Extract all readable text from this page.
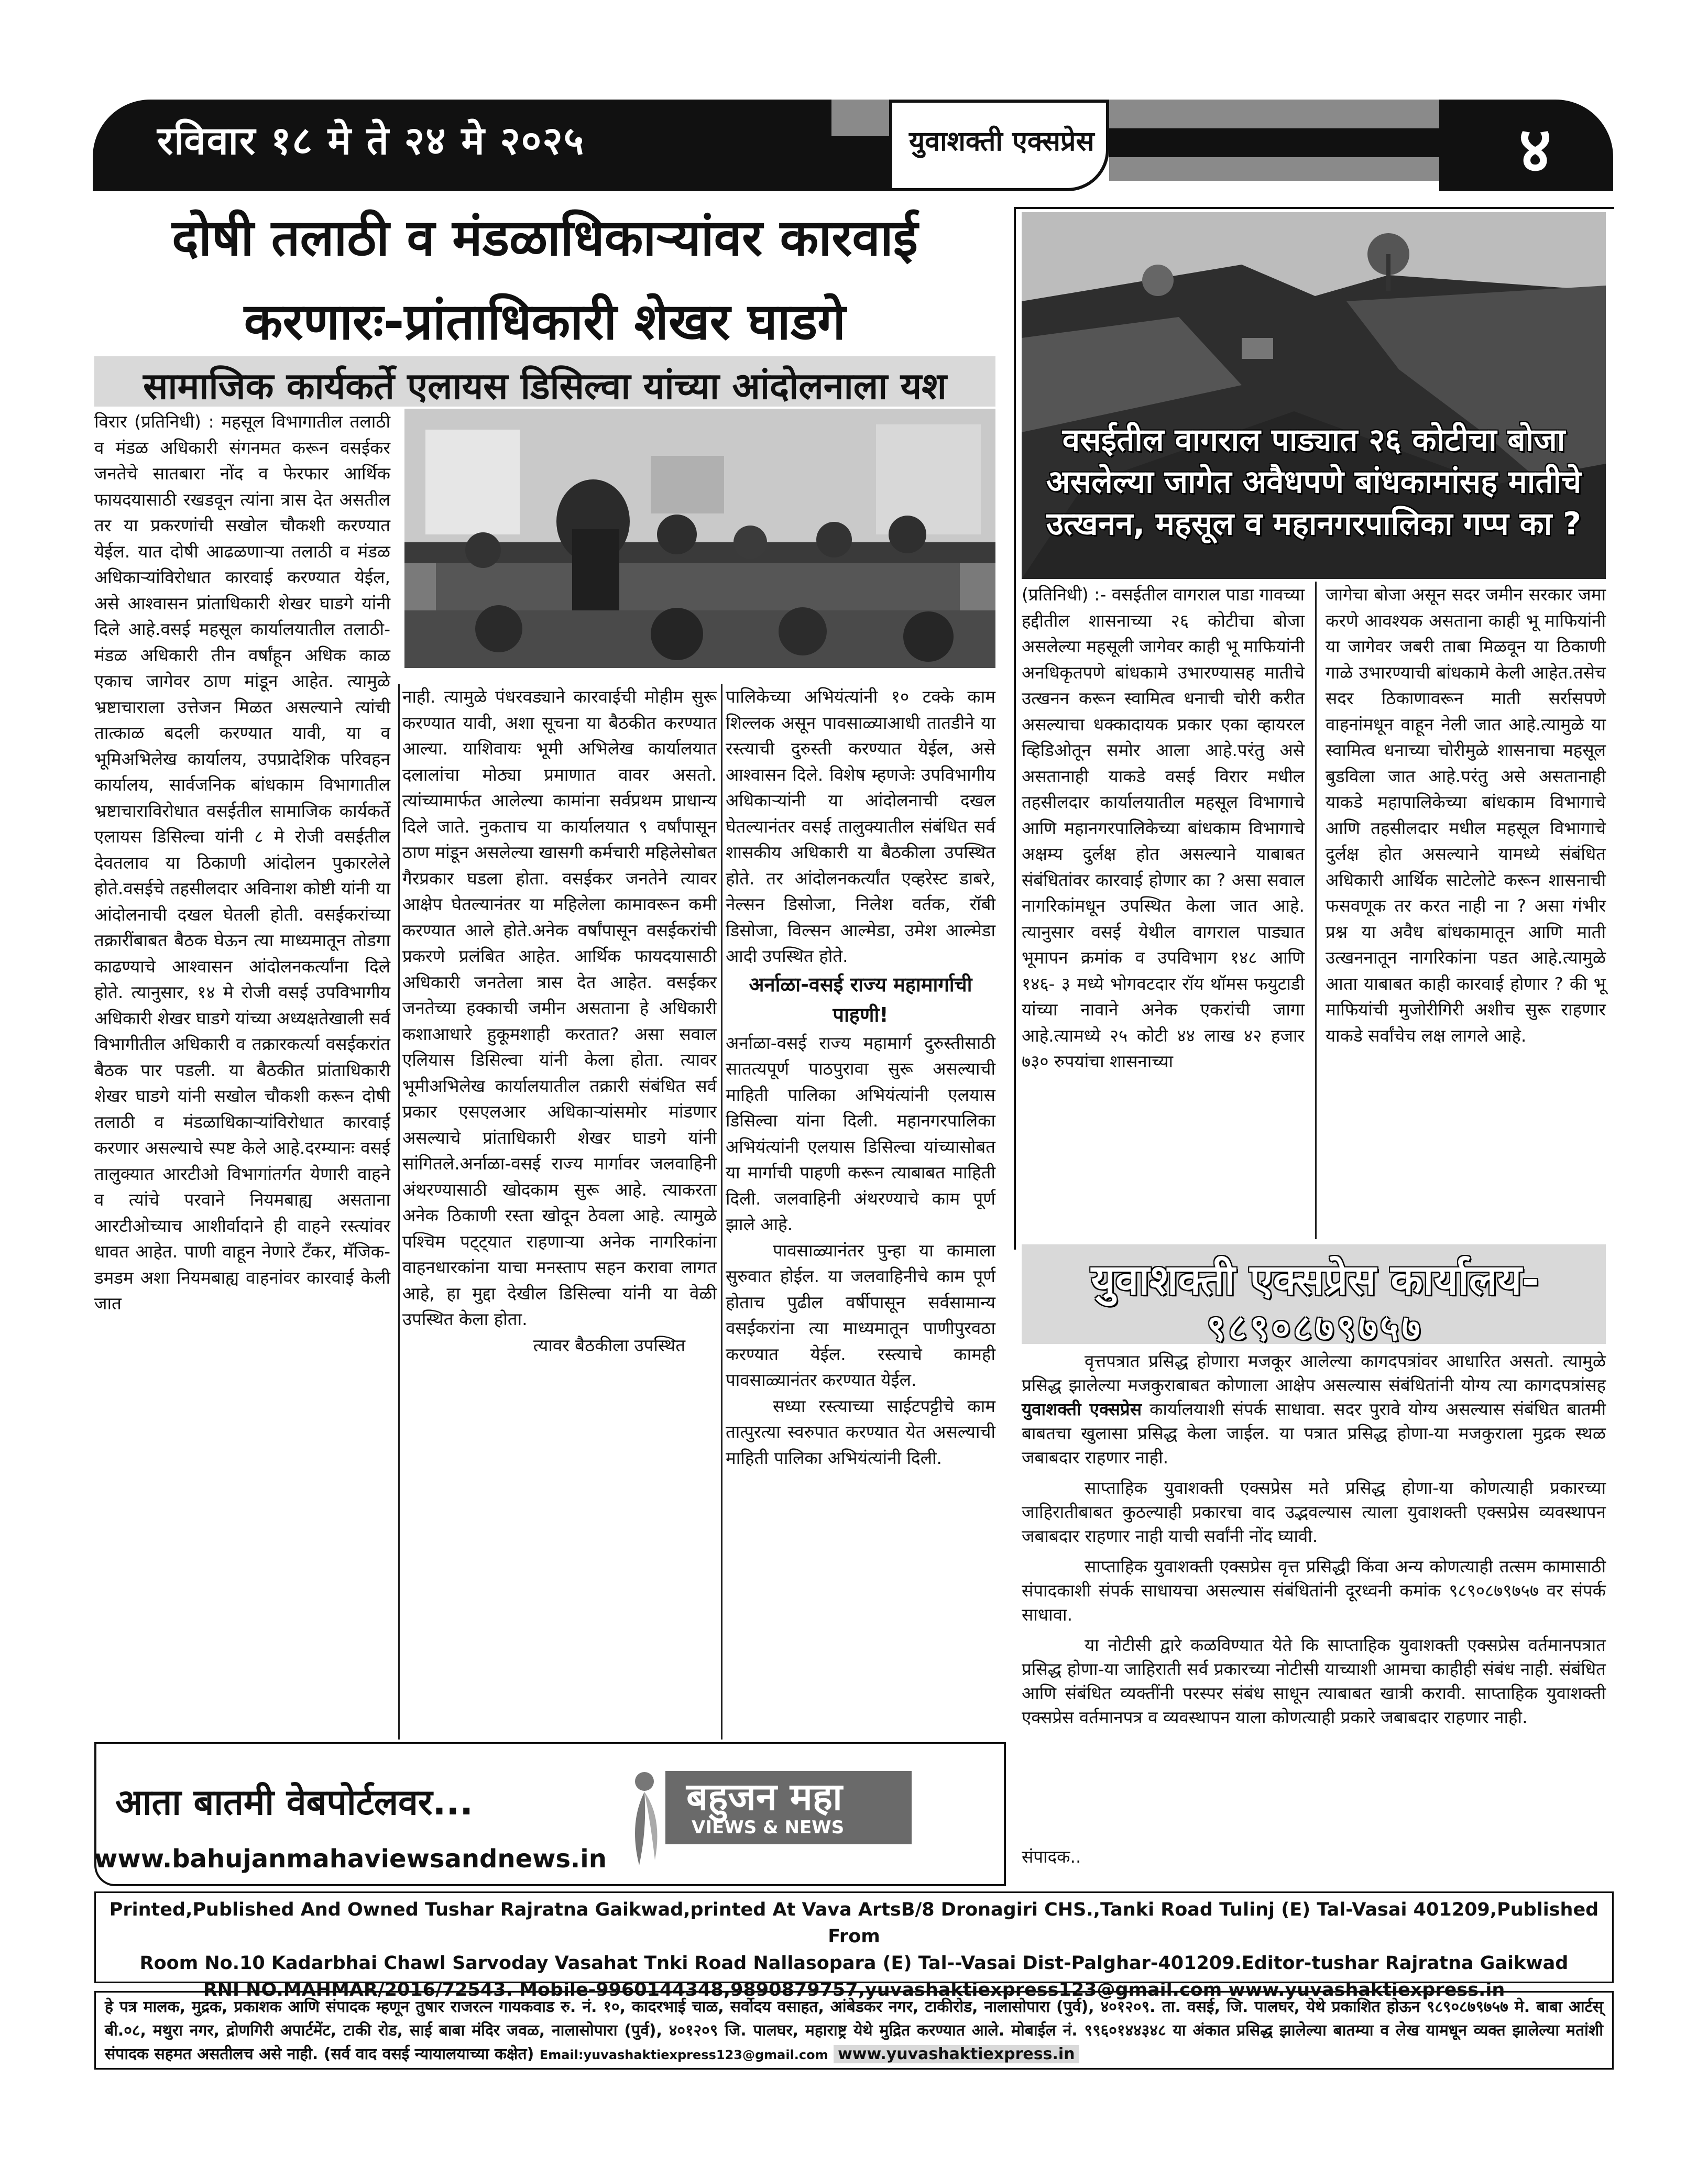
रविवार १८ मे ते २४ मे २०२५	युवाशक्ती एक्सप्रेस	४
दोषी तलाठी व मंडळाधिकाऱ्यांवर कारवाई
करणारः-प्रांताधिकारी शेखर घाडगे
सामाजिक कार्यकर्ते एलायस डिसिल्वा यांच्या आंदोलनाला यश

विरार (प्रतिनिधी) : महसूल विभागातील तलाठी व मंडळ अधिकारी संगनमत करून वसईकर जनतेचे सातबारा नोंद व फेरफार आर्थिक फायदयासाठी रखडवून त्यांना त्रास देत असतील तर या प्रकरणांची सखोल चौकशी करण्यात येईल. यात दोषी आढळणाऱ्या तलाठी व मंडळ अधिकाऱ्यांविरोधात कारवाई करण्यात येईल, असे आश्वासन प्रांताधिकारी शेखर घाडगे यांनी दिले आहे.वसई महसूल कार्यालयातील तलाठी-मंडळ अधिकारी तीन वर्षांहून अधिक काळ एकाच जागेवर ठाण मांडून आहेत. त्यामुळे भ्रष्टाचाराला उत्तेजन मिळत असल्याने त्यांची तात्काळ बदली करण्यात यावी, या व भूमिअभिलेख कार्यालय, उपप्रादेशिक परिवहन कार्यालय, सार्वजनिक बांधकाम विभागातील भ्रष्टाचाराविरोधात वसईतील सामाजिक कार्यकर्ते एलायस डिसिल्वा यांनी ८ मे रोजी वसईतील देवतलाव या ठिकाणी आंदोलन पुकारलेले होते.वसईचे तहसीलदार अविनाश कोष्टी यांनी या आंदोलनाची दखल घेतली होती. वसईकरांच्या तक्रारींबाबत बैठक घेऊन त्या माध्यमातून तोडगा काढण्याचे आश्वासन आंदोलनकर्त्यांना दिले होते. त्यानुसार, १४ मे रोजी वसई उपविभागीय अधिकारी शेखर घाडगे यांच्या अध्यक्षतेखाली सर्व विभागीतील अधिकारी व तक्रारकर्त्या वसईकरांत बैठक पार पडली. या बैठकीत प्रांताधिकारी शेखर घाडगे यांनी सखोल चौकशी करून दोषी तलाठी व मंडळाधिकाऱ्यांविरोधात कारवाई करणार असल्याचे स्पष्ट केले आहे.दरम्यानः वसई तालुक्यात आरटीओ विभागांतर्गत येणारी वाहने व त्यांचे परवाने नियमबाह्य असताना आरटीओच्याच आशीर्वादाने ही वाहने रस्त्यांवर धावत आहेत. पाणी वाहून नेणारे टँकर, मॅजिक-डमडम अशा नियमबाह्य वाहनांवर कारवाई केली जात

नाही. त्यामुळे पंधरवड्याने कारवाईची मोहीम सुरू करण्यात यावी, अशा सूचना या बैठकीत करण्यात आल्या. याशिवायः भूमी अभिलेख कार्यालयात दलालांचा मोठ्या प्रमाणात वावर असतो. त्यांच्यामार्फत आलेल्या कामांना सर्वप्रथम प्राधान्य दिले जाते. नुकताच या कार्यालयात ९ वर्षांपासून ठाण मांडून असलेल्या खासगी कर्मचारी महिलेसोबत गैरप्रकार घडला होता. वसईकर जनतेने त्यावर आक्षेप घेतल्यानंतर या महिलेला कामावरून कमी करण्यात आले होते.अनेक वर्षांपासून वसईकरांची प्रकरणे प्रलंबित आहेत. आर्थिक फायदयासाठी अधिकारी जनतेला त्रास देत आहेत. वसईकर जनतेच्या हक्काची जमीन असताना हे अधिकारी कशाआधारे हुकूमशाही करतात? असा सवाल एलियास डिसिल्वा यांनी केला होता. त्यावर भूमीअभिलेख कार्यालयातील तक्रारी संबंधित सर्व प्रकार एसएलआर अधिकाऱ्यांसमोर मांडणार असल्याचे प्रांताधिकारी शेखर घाडगे यांनी सांगितले.अर्नाळा-वसई राज्य मार्गावर जलवाहिनी अंथरण्यासाठी खोदकाम सुरू आहे. त्याकरता अनेक ठिकाणी रस्ता खोदून ठेवला आहे. त्यामुळे पश्चिम पट्ट्यात राहणाऱ्या अनेक नागरिकांना वाहनधारकांना याचा मनस्ताप सहन करावा लागत आहे, हा मुद्दा देखील डिसिल्वा यांनी या वेळी उपस्थित केला होता.

त्यावर बैठकीला उपस्थित

पालिकेच्या अभियंत्यांनी १० टक्के काम शिल्लक असून पावसाळ्याआधी तातडीने या रस्त्याची दुरुस्ती करण्यात येईल, असे आश्वासन दिले. विशेष म्हणजेः उपविभागीय अधिकाऱ्यांनी या आंदोलनाची दखल घेतल्यानंतर वसई तालुक्यातील संबंधित सर्व शासकीय अधिकारी या बैठकीला उपस्थित होते. तर आंदोलनकर्त्यांत एव्हरेस्ट डाबरे, नेल्सन डिसोजा, निलेश वर्तक, रॉबी डिसोजा, विल्सन आल्मेडा, उमेश आल्मेडा आदी उपस्थित होते.

अर्नाळा-वसई राज्य महामार्गाची पाहणी!

अर्नाळा-वसई राज्य महामार्ग दुरुस्तीसाठी सातत्यपूर्ण पाठपुरावा सुरू असल्याची माहिती पालिका अभियंत्यांनी एलयास डिसिल्वा यांना दिली. महानगरपालिका अभियंत्यांनी एलयास डिसिल्वा यांच्यासोबत या मार्गाची पाहणी करून त्याबाबत माहिती दिली. जलवाहिनी अंथरण्याचे काम पूर्ण झाले आहे.

पावसाळ्यानंतर पुन्हा या कामाला सुरुवात होईल. या जलवाहिनीचे काम पूर्ण होताच पुढील वर्षीपासून सर्वसामान्य वसईकरांना त्या माध्यमातून पाणीपुरवठा करण्यात येईल. रस्त्याचे कामही पावसाळ्यानंतर करण्यात येईल.

सध्या रस्त्याच्या साईटपट्टीचे काम तात्पुरत्या स्वरुपात करण्यात येत असल्याची माहिती पालिका अभियंत्यांनी दिली.

वसईतील वागराल पाड्यात २६ कोटीचा बोजा असलेल्या जागेत अवैधपणे बांधकामांसह मातीचे उत्खनन, महसूल व महानगरपालिका गप्प का ?

(प्रतिनिधी) :- वसईतील वागराल पाडा गावच्या हद्दीतील शासनाच्या २६ कोटीचा बोजा असलेल्या महसूली जागेवर काही भू माफियांनी अनधिकृतपणे बांधकामे उभारण्यासह मातीचे उत्खनन करून स्वामित्व धनाची चोरी करीत असल्याचा धक्कादायक प्रकार एका व्हायरल व्हिडिओतून समोर आला आहे.परंतु असे असतानाही याकडे वसई विरार मधील तहसीलदार कार्यालयातील महसूल विभागाचे आणि महानगरपालिकेच्या बांधकाम विभागाचे अक्षम्य दुर्लक्ष होत असल्याने याबाबत संबंधितांवर कारवाई होणार का ? असा सवाल नागरिकांमधून उपस्थित केला जात आहे. त्यानुसार वसई येथील वागराल पाड्यात भूमापन क्रमांक व उपविभाग १४८ आणि १४६- ३ मध्ये भोगवटदार रॉय थॉमस फयुटाडी यांच्या नावाने अनेक एकरांची जागा आहे.त्यामध्ये २५ कोटी ४४ लाख ४२ हजार ७३० रुपयांचा शासनाच्या

जागेचा बोजा असून सदर जमीन सरकार जमा करणे आवश्यक असताना काही भू माफियांनी या जागेवर जबरी ताबा मिळवून या ठिकाणी गाळे उभारण्याची बांधकामे केली आहेत.तसेच सदर ठिकाणावरून माती सर्रासपणे वाहनांमधून वाहून नेली जात आहे.त्यामुळे या स्वामित्व धनाच्या चोरीमुळे शासनाचा महसूल बुडविला जात आहे.परंतु असे असतानाही याकडे महापालिकेच्या बांधकाम विभागाचे आणि तहसीलदार मधील महसूल विभागाचे दुर्लक्ष होत असल्याने यामध्ये संबंधित अधिकारी आर्थिक साटेलोटे करून शासनाची फसवणूक तर करत नाही ना ? असा गंभीर प्रश्न या अवैध बांधकामातून आणि माती उत्खननातून नागरिकांना पडत आहे.त्यामुळे आता याबाबत काही कारवाई होणार ? की भू माफियांची मुजोरीगिरी अशीच सुरू राहणार याकडे सर्वांचेच लक्ष लागले आहे.

युवाशक्ती एक्सप्रेस कार्यालय-
९८९०८७९७५७

वृत्तपत्रात प्रसिद्ध होणारा मजकूर आलेल्या कागदपत्रांवर आधारित असतो. त्यामुळे प्रसिद्ध झालेल्या मजकुराबाबत कोणाला आक्षेप असल्यास संबंधितांनी योग्य त्या कागदपत्रांसह युवाशक्ती एक्सप्रेस कार्यालयाशी संपर्क साधावा. सदर पुरावे योग्य असल्यास संबंधित बातमी बाबतचा खुलासा प्रसिद्ध केला जाईल. या पत्रात प्रसिद्ध होणा-या मजकुराला मुद्रक स्थळ जबाबदार राहणार नाही.

साप्ताहिक युवाशक्ती एक्सप्रेस मते प्रसिद्ध होणा-या कोणत्याही प्रकारच्या जाहिरातीबाबत कुठल्याही प्रकारचा वाद उद्भवल्यास त्याला युवाशक्ती एक्सप्रेस व्यवस्थापन जबाबदार राहणार नाही याची सर्वांनी नोंद घ्यावी.

साप्ताहिक युवाशक्ती एक्सप्रेस वृत्त प्रसिद्धी किंवा अन्य कोणत्याही तत्सम कामासाठी संपादकाशी संपर्क साधायचा असल्यास संबंधितांनी दूरध्वनी कमांक ९८९०८७९७५७ वर संपर्क साधावा.

या नोटीसी द्वारे कळविण्यात येते कि साप्ताहिक युवाशक्ती एक्सप्रेस वर्तमानपत्रात प्रसिद्ध होणा-या जाहिराती सर्व प्रकारच्या नोटीसी याच्याशी आमचा काहीही संबंध नाही. संबंधित आणि संबंधित व्यक्तींनी परस्पर संबंध साधून त्याबाबत खात्री करावी. साप्ताहिक युवाशक्ती एक्सप्रेस वर्तमानपत्र व व्यवस्थापन याला कोणत्याही प्रकारे जबाबदार राहणार नाही.

संपादक..
आता बातमी वेबपोर्टलवर...
www.bahujanmahaviewsandnews.in
बहुजन महा
VIEWS & NEWS
Printed,Published And Owned Tushar Rajratna Gaikwad,printed At Vava ArtsB/8 Dronagiri CHS.,Tanki Road Tulinj (E) Tal-Vasai 401209,Published From
Room No.10 Kadarbhai Chawl Sarvoday Vasahat Tnki Road Nallasopara (E) Tal--Vasai Dist-Palghar-401209.Editor-tushar Rajratna Gaikwad
RNI NO.MAHMAR/2016/72543. Mobile-9960144348,9890879757,yuvashaktiexpress123@gmail.com www.yuvashaktiexpress.in
हे पत्र मालक, मुद्रक, प्रकाशक आणि संपादक म्हणून तुषार राजरत्न गायकवाड रु. नं. १०, कादरभाई चाळ, सर्वोदय वसाहत, आंबेडकर नगर, टाकीरोड, नालासोपारा (पुर्व), ४०१२०९. ता. वसई, जि. पालघर, येथे प्रकाशित होऊन ९८९०८७९७५७ मे. बाबा आर्टस् बी.०८, मथुरा नगर, द्रोणगिरी अपार्टमेंट, टाकी रोड, साई बाबा मंदिर जवळ, नालासोपारा (पुर्व), ४०१२०९ जि. पालघर, महाराष्ट्र येथे मुद्रित करण्यात आले. मोबाईल नं. ९९६०१४४३४८ या अंकात प्रसिद्ध झालेल्या बातम्या व लेख यामधून व्यक्त झालेल्या मतांशी संपादक सहमत असतीलच असे नाही. (सर्व वाद वसई न्यायालयाच्या कक्षेत) Email:yuvashaktiexpress123@gmail.com www.yuvashaktiexpress.in
